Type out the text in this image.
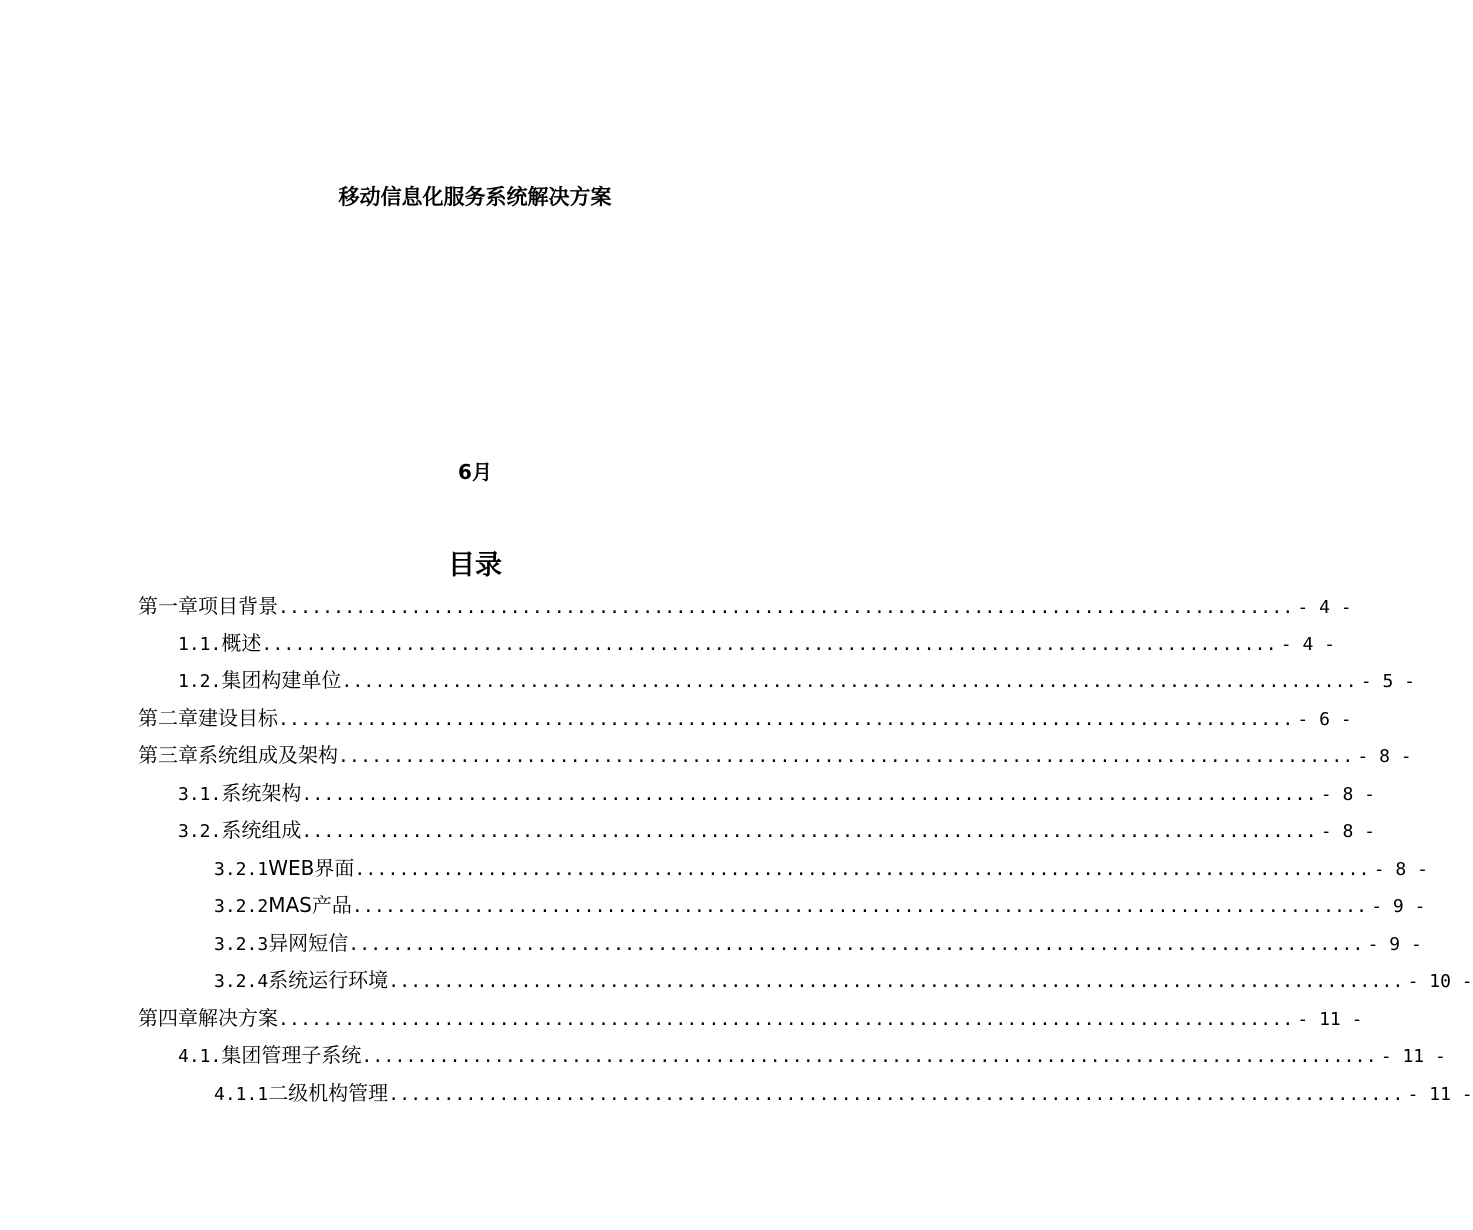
移动信息化服务系统解决方案
6月
目录
第一章 项目背景 ............................................................................................ - 4 -
1.1. 概述 ............................................................................................ - 4 -
1.2. 集团构建单位 ............................................................................................ - 5 -
第二章 建设目标 ............................................................................................ - 6 -
第三章 系统组成及架构 ............................................................................................ - 8 -
3.1. 系统架构 ............................................................................................ - 8 -
3.2. 系统组成 ............................................................................................ - 8 -
3.2.1 WEB界面 ............................................................................................ - 8 -
3.2.2 MAS产品 ............................................................................................ - 9 -
3.2.3 异网短信 ............................................................................................ - 9 -
3.2.4 系统运行环境 ............................................................................................ - 10 -
第四章 解决方案 ............................................................................................ - 11 -
4.1. 集团管理子系统 ............................................................................................ - 11 -
4.1.1 二级机构管理 ............................................................................................ - 11 -
